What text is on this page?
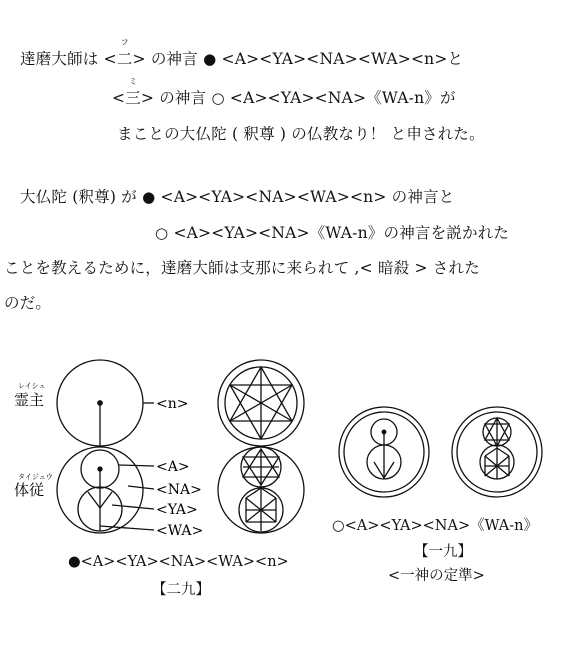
達磨大師は <
フ
二> の神言 ● <A><YA><NA><WA><n>と
<
ミ
三> の神言 ○ <A><YA><NA>《WA-n》が
まことの大仏陀 ( 釈尊 ) の仏教なり！ と申された。
大仏陀 (釈尊) が ● <A><YA><NA><WA><n> の神言と
○ <A><YA><NA>《WA-n》の神言を説かれた
ことを教えるために，達磨大師は支那に来られて ,< 暗殺 > された
のだ。
レイシュ
霊主
タイジュウ
体従
<n>
<A>
<NA>
<YA>
<WA>
●<A><YA><NA><WA><n>
【二九】
○<A><YA><NA>《WA-n》
【一九】
<一神の定準>
